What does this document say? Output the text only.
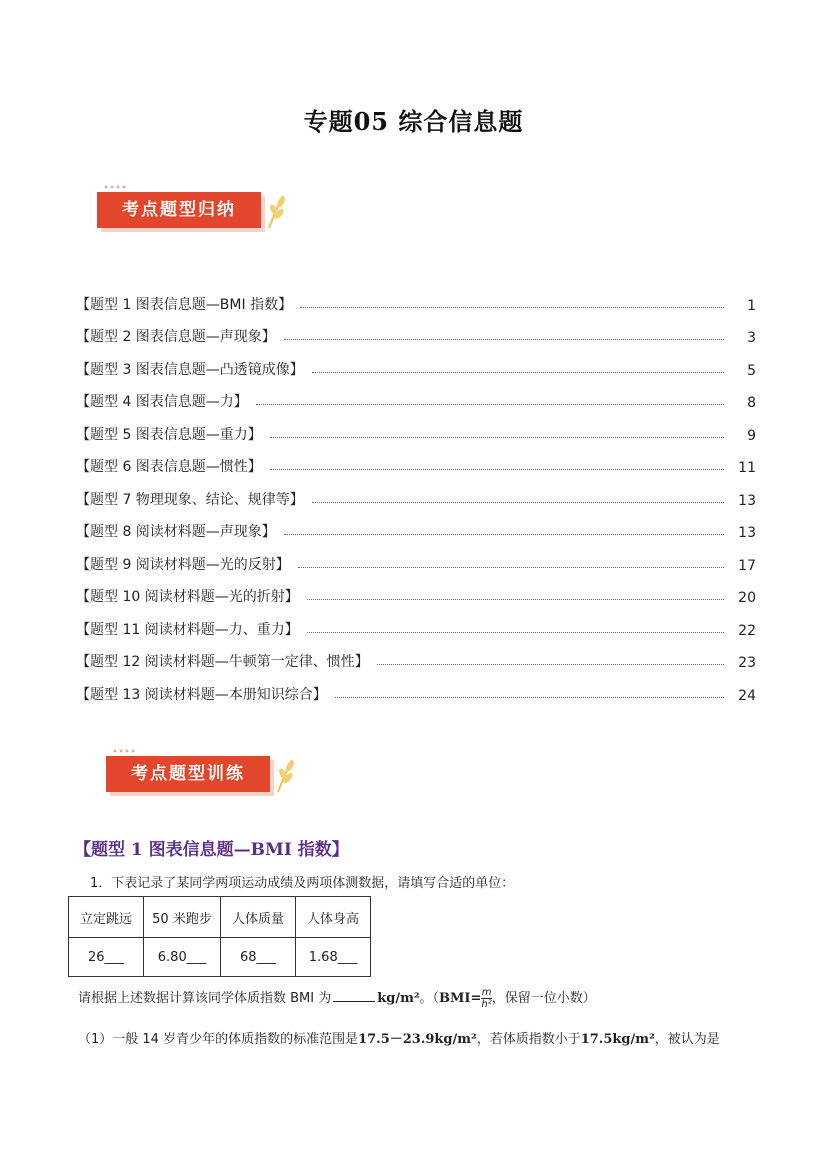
专题05 综合信息题
考点题型归纳
【题型 1 图表信息题—BMI 指数】	1
【题型 2 图表信息题—声现象】	3
【题型 3 图表信息题—凸透镜成像】	5
【题型 4 图表信息题—力】	8
【题型 5 图表信息题—重力】	9
【题型 6 图表信息题—惯性】	11
【题型 7 物理现象、结论、规律等】	13
【题型 8 阅读材料题—声现象】	13
【题型 9 阅读材料题—光的反射】	17
【题型 10 阅读材料题—光的折射】	20
【题型 11 阅读材料题—力、重力】	22
【题型 12 阅读材料题—牛顿第一定律、惯性】	23
【题型 13 阅读材料题—本册知识综合】	24
考点题型训练
【题型 1 图表信息题—BMI 指数】
1．下表记录了某同学两项运动成绩及两项体测数据，请填写合适的单位：
立定跳远	50 米跑步	人体质量	人体身高
26___	6.80___	68___	1.68___
请根据上述数据计算该同学体质指数 BMI 为	kg/m²。（$BMI= \frac{m}{\text{h²}}$ ，保留一位小数）
（1）一般 14 岁青少年的体质指数的标准范围是17.5－23.9kg/m²，若体质指数小于17.5kg/m²，被认为是
